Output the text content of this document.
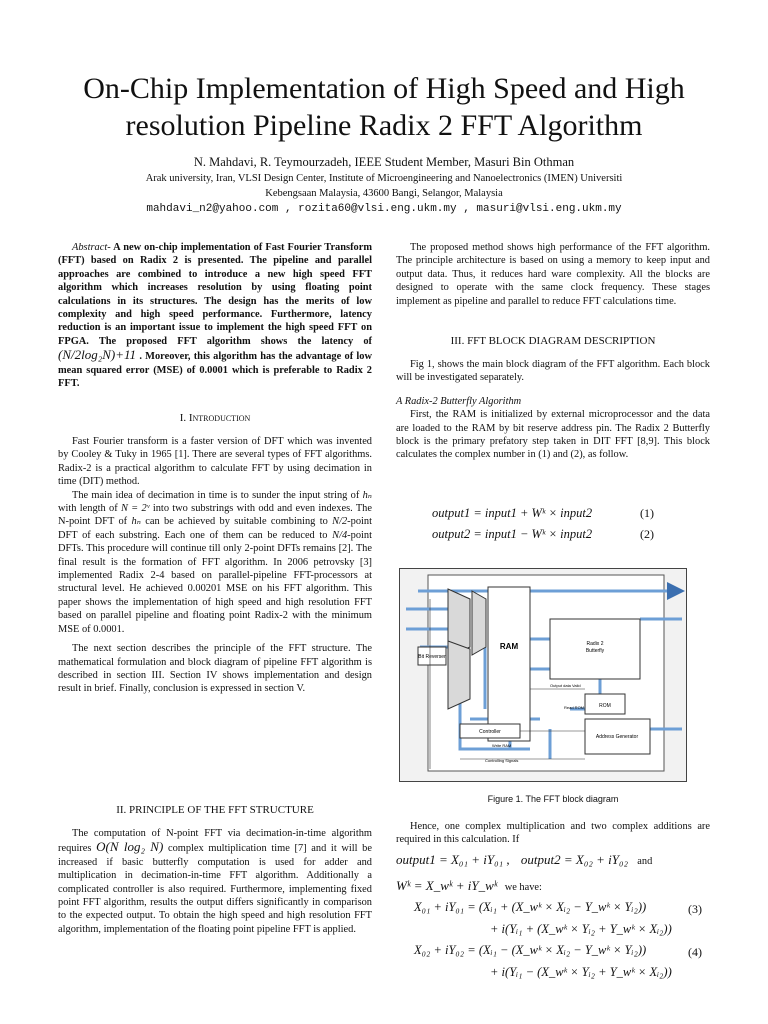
On-Chip Implementation of High Speed and High
resolution Pipeline Radix 2 FFT Algorithm
N. Mahdavi, R. Teymourzadeh, IEEE Student Member, Masuri Bin Othman
Arak university, Iran, VLSI Design Center, Institute of Microengineering and Nanoelectronics (IMEN) Universiti
Kebengsaan Malaysia, 43600 Bangi, Selangor, Malaysia
mahdavi_n2@yahoo.com , rozita60@vlsi.eng.ukm.my , masuri@vlsi.eng.ukm.my

Abstract- A new on-chip implementation of Fast Fourier Transform (FFT) based on Radix 2 is presented. The pipeline and parallel approaches are combined to introduce a new high speed FFT algorithm which increases resolution by using floating point calculations in its structures. The design has the merits of low complexity and high speed performance. Furthermore, latency reduction is an important issue to implement the high speed FFT on FPGA. The proposed FFT algorithm shows the latency of (N/2log₂N)+11 . Moreover, this algorithm has the advantage of low mean squared error (MSE) of 0.0001 which is preferable to Radix 2 FFT.

I. Introduction

Fast Fourier transform is a faster version of DFT which was invented by Cooley & Tuky in 1965 [1]. There are several types of FFT algorithms. Radix-2 is a practical algorithm to calculate FFT by using decimation in time (DIT) method.

The main idea of decimation in time is to sunder the input string of hₙ with length of N = 2ᵛ into two substrings with odd and even indexes. The N-point DFT of hₙ can be achieved by suitable combining to N/2-point DFT of each substring. Each one of them can be reduced to N/4-point DFTs. This procedure will continue till only 2-point DFTs remains [2]. The final result is the formation of FFT algorithm. In 2006 petrovsky [3] implemented Radix 2-4 based on parallel-pipeline FFT-processors at structural level. He achieved 0.00201 MSE on his FFT algorithm. This paper shows the implementation of high speed and high resolution FFT based on parallel pipeline and floating point Radix-2 with the minimum MSE of 0.0001.

The next section describes the principle of the FFT structure. The mathematical formulation and block diagram of pipeline FFT algorithm is described in section III. Section IV shows implementation and design result in brief. Finally, conclusion is expressed in section V.

II. PRINCIPLE OF THE FFT STRUCTURE

The computation of N-point FFT via decimation-in-time algorithm requires O(N log₂ N) complex multiplication time [7] and it will be increased if basic butterfly computation is used for adder and multiplication in decimation-in-time FFT algorithm. Additionally a complicated controller is also required. Furthermore, implementing fixed point FFT algorithm, results the output differs significantly in comparison to the expected output. To obtain the high speed and high resolution FFT algorithm, implementation of the floating point pipeline FFT is applied.

The proposed method shows high performance of the FFT algorithm. The principle architecture is based on using a memory to keep input and output data. Thus, it reduces hard ware complexity. All the blocks are designed to operate with the same clock frequency. These stages implement as pipeline and parallel to reduce FFT calculations time.

III. FFT BLOCK DIAGRAM DESCRIPTION

Fig 1, shows the main block diagram of the FFT algorithm. Each block will be investigated separately.

A Radix-2 Butterfly Algorithm

First, the RAM is initialized by external microprocessor and the data are loaded to the RAM by bit reserve address pin. The Radix 2 Butterfly block is the primary prefatory step taken in DIT FFT [8,9]. This block calculates the complex number in (1) and (2), as follow.

output1 = input1 + Wᵏ × input2	(1)
output2 = input1 − Wᵏ × input2	(2)
RAM
Bit Reverser
Radix 2
Butterfly
ROM
Output data Valid
Read ROM
Controller
Address Generator
Write RAM
Controlling Signals
Figure 1. The FFT block diagram

Hence, one complex multiplication and two complex additions are required in this calculation. If

output1 = X₀₁ + iY₀₁ , output2 = X₀₂ + iY₀₂ and
Wᵏ = X_wᵏ + iY_wᵏ we have:
X₀₁ + iY₀₁ = (Xᵢ₁ + (X_wᵏ × Xᵢ₂ − Y_wᵏ × Yᵢ₂))
+ i(Yᵢ₁ + (X_wᵏ × Yᵢ₂ + Y_wᵏ × Xᵢ₂))
(3)
X₀₂ + iY₀₂ = (Xᵢ₁ − (X_wᵏ × Xᵢ₂ − Y_wᵏ × Yᵢ₂))
+ i(Yᵢ₁ − (X_wᵏ × Yᵢ₂ + Y_wᵏ × Xᵢ₂))
(4)
